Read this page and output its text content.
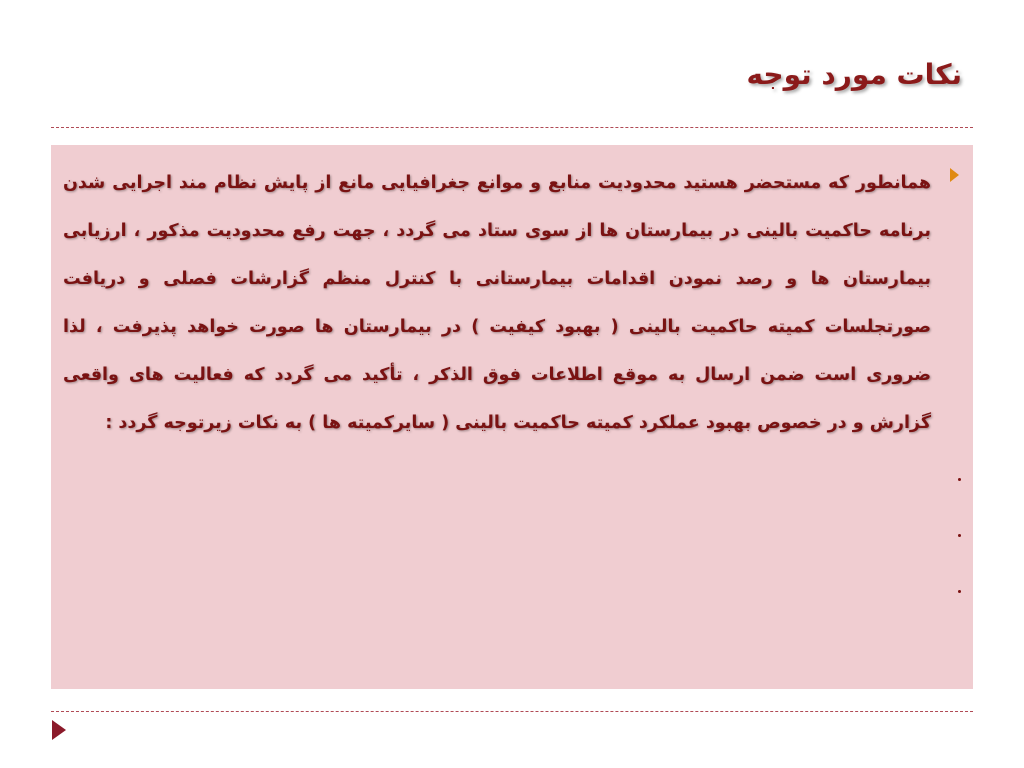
نکات مورد توجه

همانطور که مستحضر هستید محدودیت منابع و موانع جغرافیایی مانع از پایش نظام مند اجرایی شدن برنامه حاکمیت بالینی در بیمارستان ها از سوی ستاد می گردد ، جهت رفع محدودیت مذکور ، ارزیابی بیمارستان ها و رصد نمودن اقدامات بیمارستانی با کنترل منظم گزارشات فصلی و دریافت صورتجلسات کمیته حاکمیت بالینی ( بهبود کیفیت ) در بیمارستان ها صورت خواهد پذیرفت ، لذا ضروری است ضمن ارسال به موقع اطلاعات فوق الذکر ، تأکید می گردد که فعالیت های واقعی گزارش و در خصوص بهبود عملکرد کمیته حاکمیت بالینی ( سایرکمیته ها ) به نکات زیرتوجه گردد :
